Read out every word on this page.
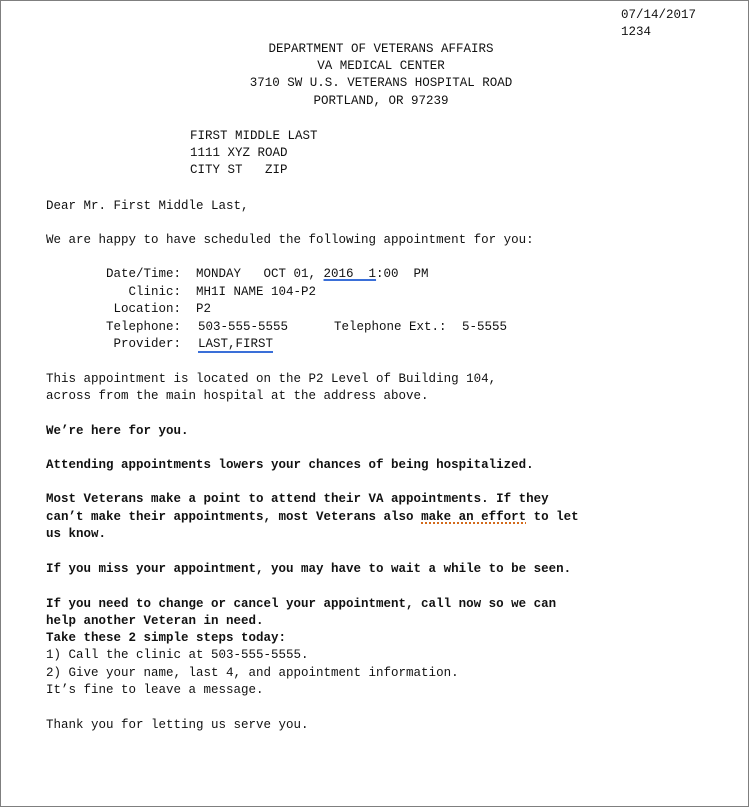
07/14/2017
1234
DEPARTMENT OF VETERANS AFFAIRS
VA MEDICAL CENTER
3710 SW U.S. VETERANS HOSPITAL ROAD
PORTLAND, OR 97239
FIRST MIDDLE LAST
1111 XYZ ROAD
CITY ST   ZIP
Dear Mr. First Middle Last,
We are happy to have scheduled the following appointment for you:
Date/Time: MONDAY   OCT 01, 2016  1:00  PM
Clinic: MH1I NAME 104-P2
Location: P2
Telephone: 503-555-5555	Telephone Ext.: 5-5555
Provider: LAST,FIRST
This appointment is located on the P2 Level of Building 104,
across from the main hospital at the address above.
We’re here for you.
Attending appointments lowers your chances of being hospitalized.
Most Veterans make a point to attend their VA appointments. If they
can’t make their appointments, most Veterans also make an effort to let
us know.
If you miss your appointment, you may have to wait a while to be seen.
If you need to change or cancel your appointment, call now so we can
help another Veteran in need.
Take these 2 simple steps today:
1) Call the clinic at 503-555-5555.
2) Give your name, last 4, and appointment information.
It’s fine to leave a message.
Thank you for letting us serve you.
